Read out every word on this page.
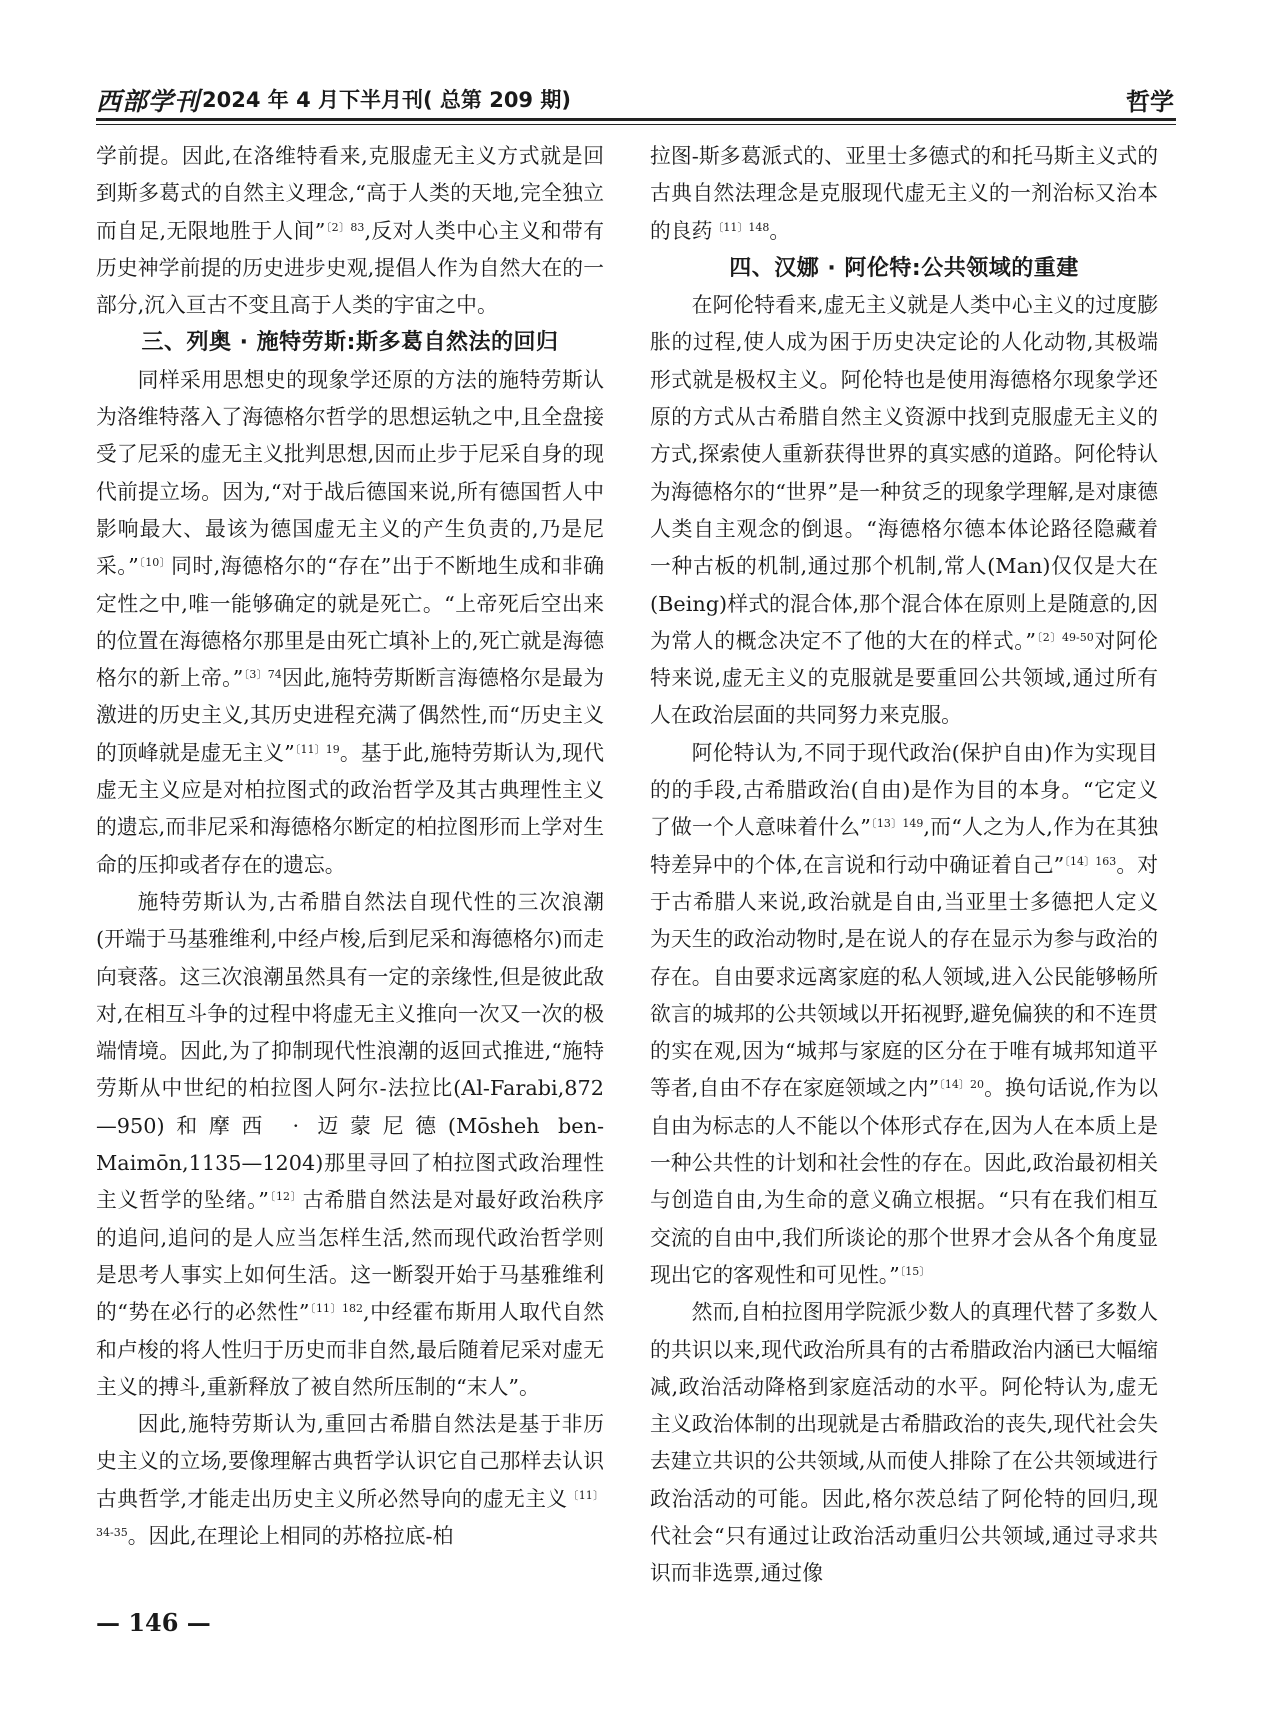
西部学刊 2024 年 4 月下半月刊( 总第 209 期)	哲学

学前提。因此,在洛维特看来,克服虚无主义方式就是回到斯多葛式的自然主义理念,“高于人类的天地,完全独立而自足,无限地胜于人间”$^{〔2〕83}$,反对人类中心主义和带有历史神学前提的历史进步史观,提倡人作为自然大在的一部分,沉入亘古不变且高于人类的宇宙之中。

三、列奥 · 施特劳斯:斯多葛自然法的回归

同样采用思想史的现象学还原的方法的施特劳斯认为洛维特落入了海德格尔哲学的思想运轨之中,且全盘接受了尼采的虚无主义批判思想,因而止步于尼采自身的现代前提立场。因为,“对于战后德国来说,所有德国哲人中影响最大、最该为德国虚无主义的产生负责的,乃是尼采。”$^{〔10〕}$同时,海德格尔的“存在”出于不断地生成和非确定性之中,唯一能够确定的就是死亡。“上帝死后空出来的位置在海德格尔那里是由死亡填补上的,死亡就是海德格尔的新上帝。”$^{〔3〕74}$因此,施特劳斯断言海德格尔是最为激进的历史主义,其历史进程充满了偶然性,而“历史主义的顶峰就是虚无主义”$^{〔11〕19}$。基于此,施特劳斯认为,现代虚无主义应是对柏拉图式的政治哲学及其古典理性主义的遗忘,而非尼采和海德格尔断定的柏拉图形而上学对生命的压抑或者存在的遗忘。

施特劳斯认为,古希腊自然法自现代性的三次浪潮(开端于马基雅维利,中经卢梭,后到尼采和海德格尔)而走向衰落。这三次浪潮虽然具有一定的亲缘性,但是彼此敌对,在相互斗争的过程中将虚无主义推向一次又一次的极端情境。因此,为了抑制现代性浪潮的返回式推进,“施特劳斯从中世纪的柏拉图人阿尔-法拉比(Al-Farabi,872—950)和摩西 · 迈蒙尼德(Mōsheh ben-Maimōn,1135—1204)那里寻回了柏拉图式政治理性主义哲学的坠绪。”$^{〔12〕}$古希腊自然法是对最好政治秩序的追问,追问的是人应当怎样生活,然而现代政治哲学则是思考人事实上如何生活。这一断裂开始于马基雅维利的“势在必行的必然性”$^{〔11〕182}$,中经霍布斯用人取代自然和卢梭的将人性归于历史而非自然,最后随着尼采对虚无主义的搏斗,重新释放了被自然所压制的“末人”。

因此,施特劳斯认为,重回古希腊自然法是基于非历史主义的立场,要像理解古典哲学认识它自己那样去认识古典哲学,才能走出历史主义所必然导向的虚无主义$^{〔11〕34-35}$。因此,在理论上相同的苏格拉底-柏

拉图-斯多葛派式的、亚里士多德式的和托马斯主义式的古典自然法理念是克服现代虚无主义的一剂治标又治本的良药$^{〔11〕148}$。

四、汉娜 · 阿伦特:公共领域的重建

在阿伦特看来,虚无主义就是人类中心主义的过度膨胀的过程,使人成为困于历史决定论的人化动物,其极端形式就是极权主义。阿伦特也是使用海德格尔现象学还原的方式从古希腊自然主义资源中找到克服虚无主义的方式,探索使人重新获得世界的真实感的道路。阿伦特认为海德格尔的“世界”是一种贫乏的现象学理解,是对康德人类自主观念的倒退。“海德格尔德本体论路径隐藏着一种古板的机制,通过那个机制,常人(Man)仅仅是大在(Being)样式的混合体,那个混合体在原则上是随意的,因为常人的概念决定不了他的大在的样式。”$^{〔2〕49-50}$对阿伦特来说,虚无主义的克服就是要重回公共领域,通过所有人在政治层面的共同努力来克服。

阿伦特认为,不同于现代政治(保护自由)作为实现目的的手段,古希腊政治(自由)是作为目的本身。“它定义了做一个人意味着什么”$^{〔13〕149}$,而“人之为人,作为在其独特差异中的个体,在言说和行动中确证着自己”$^{〔14〕163}$。对于古希腊人来说,政治就是自由,当亚里士多德把人定义为天生的政治动物时,是在说人的存在显示为参与政治的存在。自由要求远离家庭的私人领域,进入公民能够畅所欲言的城邦的公共领域以开拓视野,避免偏狭的和不连贯的实在观,因为“城邦与家庭的区分在于唯有城邦知道平等者,自由不存在家庭领域之内”$^{〔14〕20}$。换句话说,作为以自由为标志的人不能以个体形式存在,因为人在本质上是一种公共性的计划和社会性的存在。因此,政治最初相关与创造自由,为生命的意义确立根据。“只有在我们相互交流的自由中,我们所谈论的那个世界才会从各个角度显现出它的客观性和可见性。”$^{〔15〕}$

然而,自柏拉图用学院派少数人的真理代替了多数人的共识以来,现代政治所具有的古希腊政治内涵已大幅缩减,政治活动降格到家庭活动的水平。阿伦特认为,虚无主义政治体制的出现就是古希腊政治的丧失,现代社会失去建立共识的公共领域,从而使人排除了在公共领域进行政治活动的可能。因此,格尔茨总结了阿伦特的回归,现代社会“只有通过让政治活动重归公共领域,通过寻求共识而非选票,通过像

— 146 —
